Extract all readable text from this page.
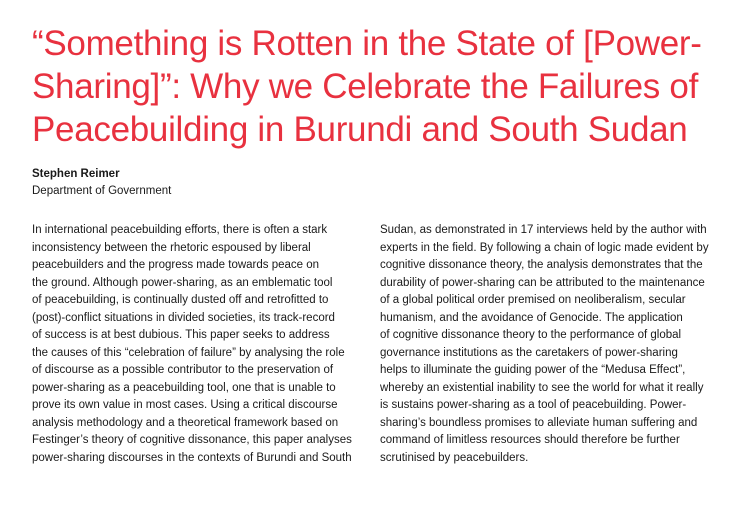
“Something is Rotten in the State of [Power-
Sharing]”: Why we Celebrate the Failures of
Peacebuilding in Burundi and South Sudan
Stephen Reimer
Department of Government
In international peacebuilding efforts, there is often a stark
inconsistency between the rhetoric espoused by liberal
peacebuilders and the progress made towards peace on
the ground. Although power-sharing, as an emblematic tool
of peacebuilding, is continually dusted off and retrofitted to
(post)-conflict situations in divided societies, its track-record
of success is at best dubious. This paper seeks to address
the causes of this “celebration of failure” by analysing the role
of discourse as a possible contributor to the preservation of
power-sharing as a peacebuilding tool, one that is unable to
prove its own value in most cases. Using a critical discourse
analysis methodology and a theoretical framework based on
Festinger’s theory of cognitive dissonance, this paper analyses
power-sharing discourses in the contexts of Burundi and South
Sudan, as demonstrated in 17 interviews held by the author with
experts in the field. By following a chain of logic made evident by
cognitive dissonance theory, the analysis demonstrates that the
durability of power-sharing can be attributed to the maintenance
of a global political order premised on neoliberalism, secular
humanism, and the avoidance of Genocide. The application
of cognitive dissonance theory to the performance of global
governance institutions as the caretakers of power-sharing
helps to illuminate the guiding power of the “Medusa Effect”,
whereby an existential inability to see the world for what it really
is sustains power-sharing as a tool of peacebuilding. Power-
sharing’s boundless promises to alleviate human suffering and
command of limitless resources should therefore be further
scrutinised by peacebuilders.
